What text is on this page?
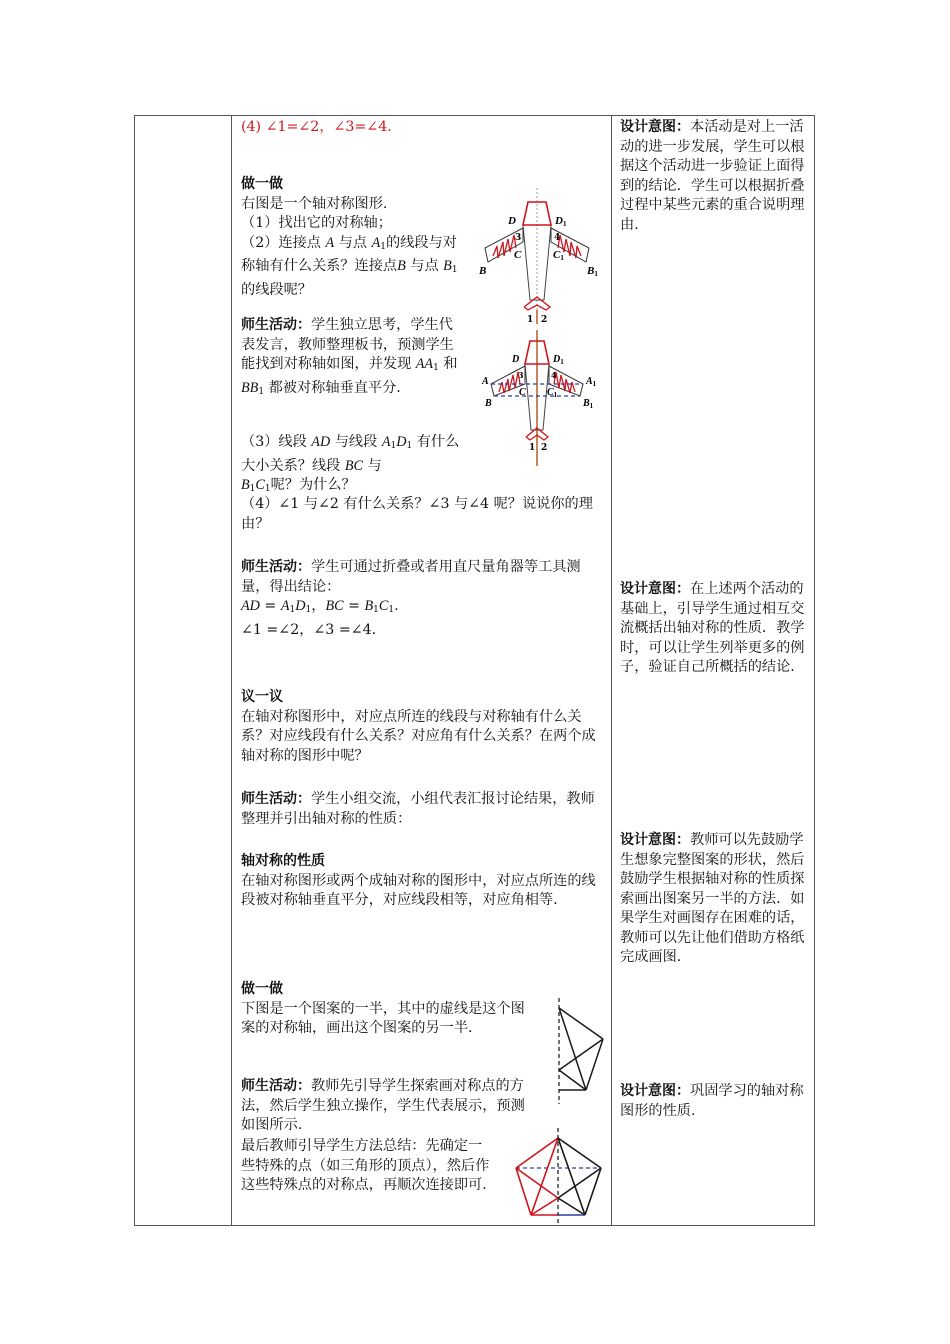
(4) ∠1=∠2，∠3=∠4.

做一做

右图是一个轴对称图形.

（1）找出它的对称轴；

（2）连接点 A 与点 $A_1$的线段与对称轴有什么关系？连接点B 与点 $B_1$的线段呢？

师生活动：学生独立思考，学生代表发言，教师整理板书，预测学生能找到对称轴如图，并发现 $AA_1$ 和 $BB_1$ 都被对称轴垂直平分.

（3）线段 AD 与线段 $A_1D_1$ 有什么大小关系？线段 BC 与
$B_1C_1$呢？为什么？

（4）∠1 与∠2 有什么关系？∠3 与∠4 呢？说说你的理由？

师生活动：学生可通过折叠或者用直尺量角器等工具测量，得出结论：

AD = $A_1D_1$，BC = $B_1C_1$.

∠1 =∠2，∠3 =∠4.

议一议

在轴对称图形中，对应点所连的线段与对称轴有什么关系？对应线段有什么关系？对应角有什么关系？在两个成轴对称的图形中呢？

师生活动：学生小组交流，小组代表汇报讨论结果，教师整理并引出轴对称的性质：

轴对称的性质

在轴对称图形或两个成轴对称的图形中，对应点所连的线段被对称轴垂直平分，对应线段相等，对应角相等.

做一做

下图是一个图案的一半，其中的虚线是这个图案的对称轴，画出这个图案的另一半.

师生活动：教师先引导学生探索画对称点的方法，然后学生独立操作，学生代表展示，预测如图所示.

最后教师引导学生方法总结：先确定一些特殊的点（如三角形的顶点），然后作这些特殊点的对称点，再顺次连接即可.

D	D1
3	4
C	C1
B	B1
1 2
D	$D_1$
3	4
A	$A_1$
C $C_1$
B	$B_1$
1 2

设计意图：本活动是对上一活动的进一步发展，学生可以根据这个活动进一步验证上面得到的结论．学生可以根据折叠过程中某些元素的重合说明理由.

设计意图：在上述两个活动的基础上，引导学生通过相互交流概括出轴对称的性质．教学时，可以让学生列举更多的例子，验证自己所概括的结论.

设计意图：教师可以先鼓励学生想象完整图案的形状，然后鼓励学生根据轴对称的性质探索画出图案另一半的方法．如果学生对画图存在困难的话，教师可以先让他们借助方格纸完成画图.

设计意图：巩固学习的轴对称图形的性质.
